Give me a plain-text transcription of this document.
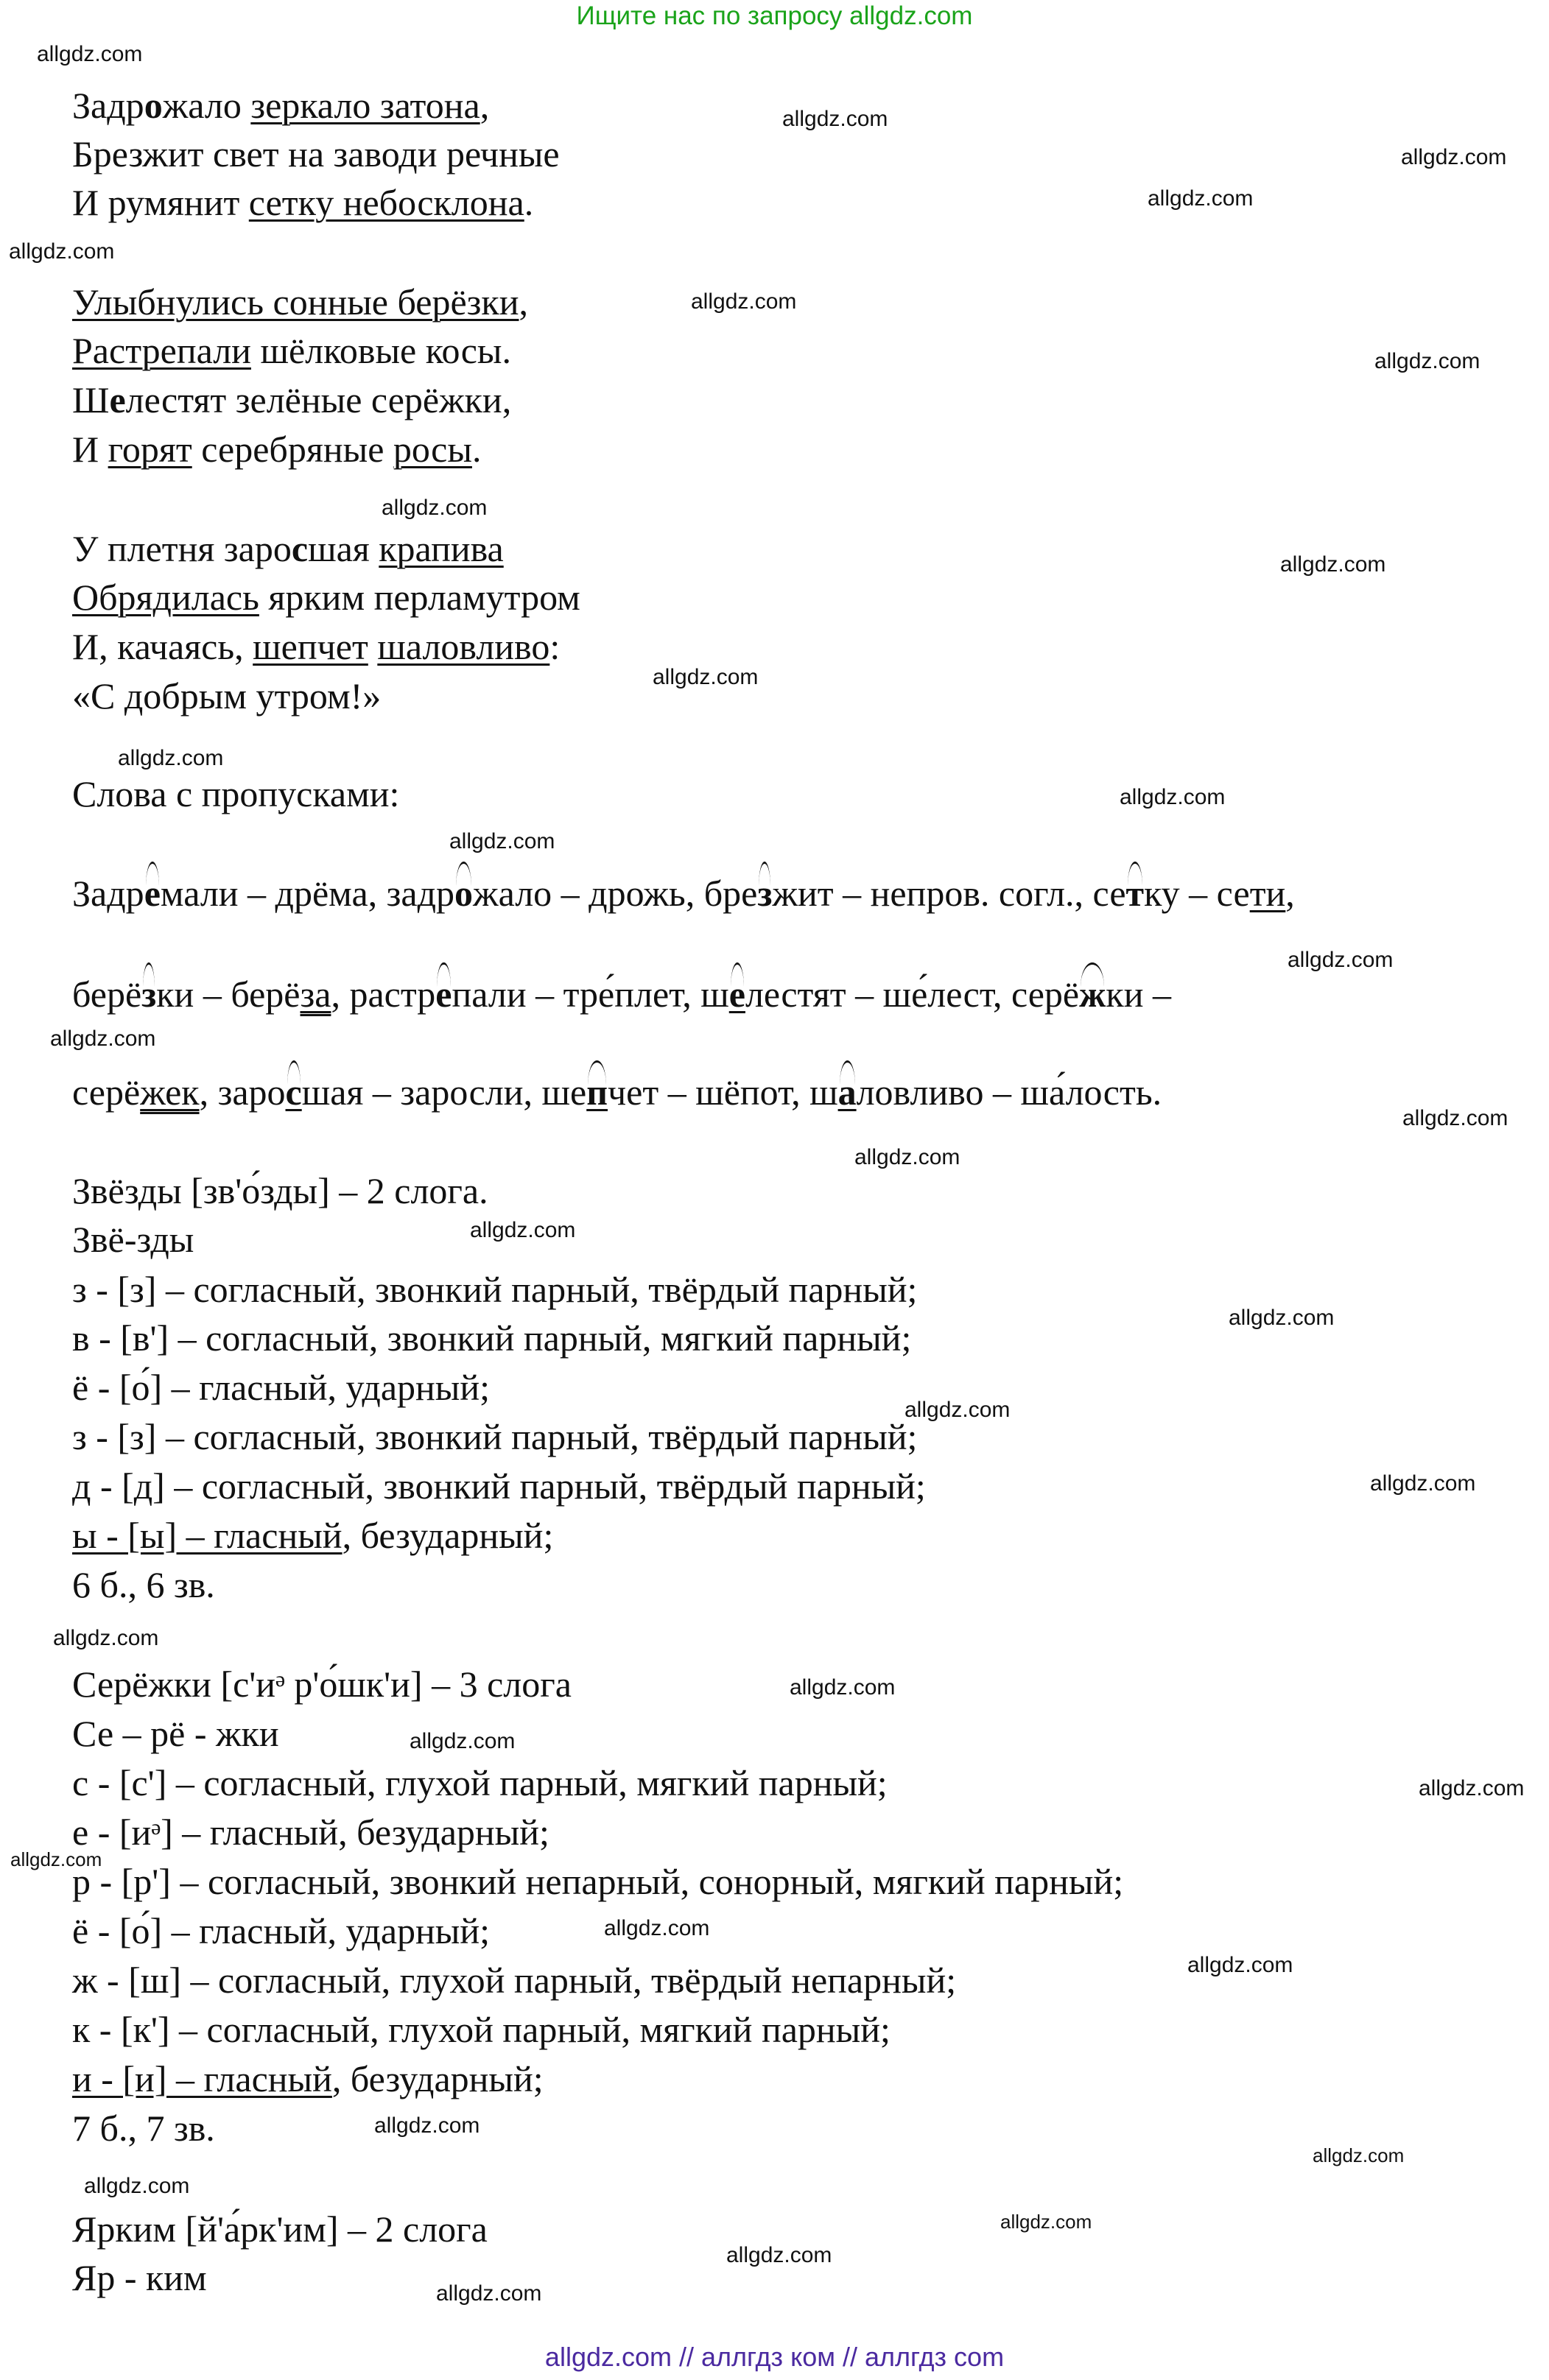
Ищите нас по запросу allgdz.com
allgdz.com
allgdz.com
allgdz.com
allgdz.com
allgdz.com
allgdz.com
allgdz.com
allgdz.com
allgdz.com
allgdz.com
allgdz.com
allgdz.com
allgdz.com
allgdz.com
allgdz.com
allgdz.com
allgdz.com
allgdz.com
allgdz.com
allgdz.com
allgdz.com
allgdz.com
allgdz.com
allgdz.com
allgdz.com
allgdz.com
allgdz.com
allgdz.com
allgdz.com
allgdz.com
allgdz.com
allgdz.com
allgdz.com
allgdz.com
Задрожало зеркало затона,
Брезжит свет на заводи речные
И румянит сетку небосклона.
Улыбнулись сонные берёзки,
Растрепали шёлковые косы.
Шелестят зелёные серёжки,
И горят серебряные росы.
У плетня заросшая крапива
Обрядилась ярким перламутром
И, качаясь, шепчет шаловливо:
«С добрым утром!»
Слова с пропусками:
Задремали – дрёма, задрожало – дрожь, брезжит – непров. согл., сетку – сети,
берёзки – берёза, растрепали – тре́плет, шелестят – ше́лест, серёжки –
серёжек, заросшая – заросли, шепчет – шёпот, шаловливо – ша́лость.
Звёзды [зв'о́зды] – 2 слога.
Звё-зды
з - [з] – согласный, звонкий парный, твёрдый парный;
в - [в'] – согласный, звонкий парный, мягкий парный;
ё - [о́] – гласный, ударный;
з - [з] – согласный, звонкий парный, твёрдый парный;
д - [д] – согласный, звонкий парный, твёрдый парный;
ы - [ы] – гласный, безударный;
6 б., 6 зв.
Серёжки [с'иᵊ р'о́шк'и] – 3 слога
Се – рё - жки
с - [с'] – согласный, глухой парный, мягкий парный;
е - [иᵊ] – гласный, безударный;
р - [р'] – согласный, звонкий непарный, сонорный, мягкий парный;
ё - [о́] – гласный, ударный;
ж - [ш] – согласный, глухой парный, твёрдый непарный;
к - [к'] – согласный, глухой парный, мягкий парный;
и - [и] – гласный, безударный;
7 б., 7 зв.
Ярким [й'а́рк'им] – 2 слога
Яр - ким
allgdz.com // аллгдз ком // аллгдз com
